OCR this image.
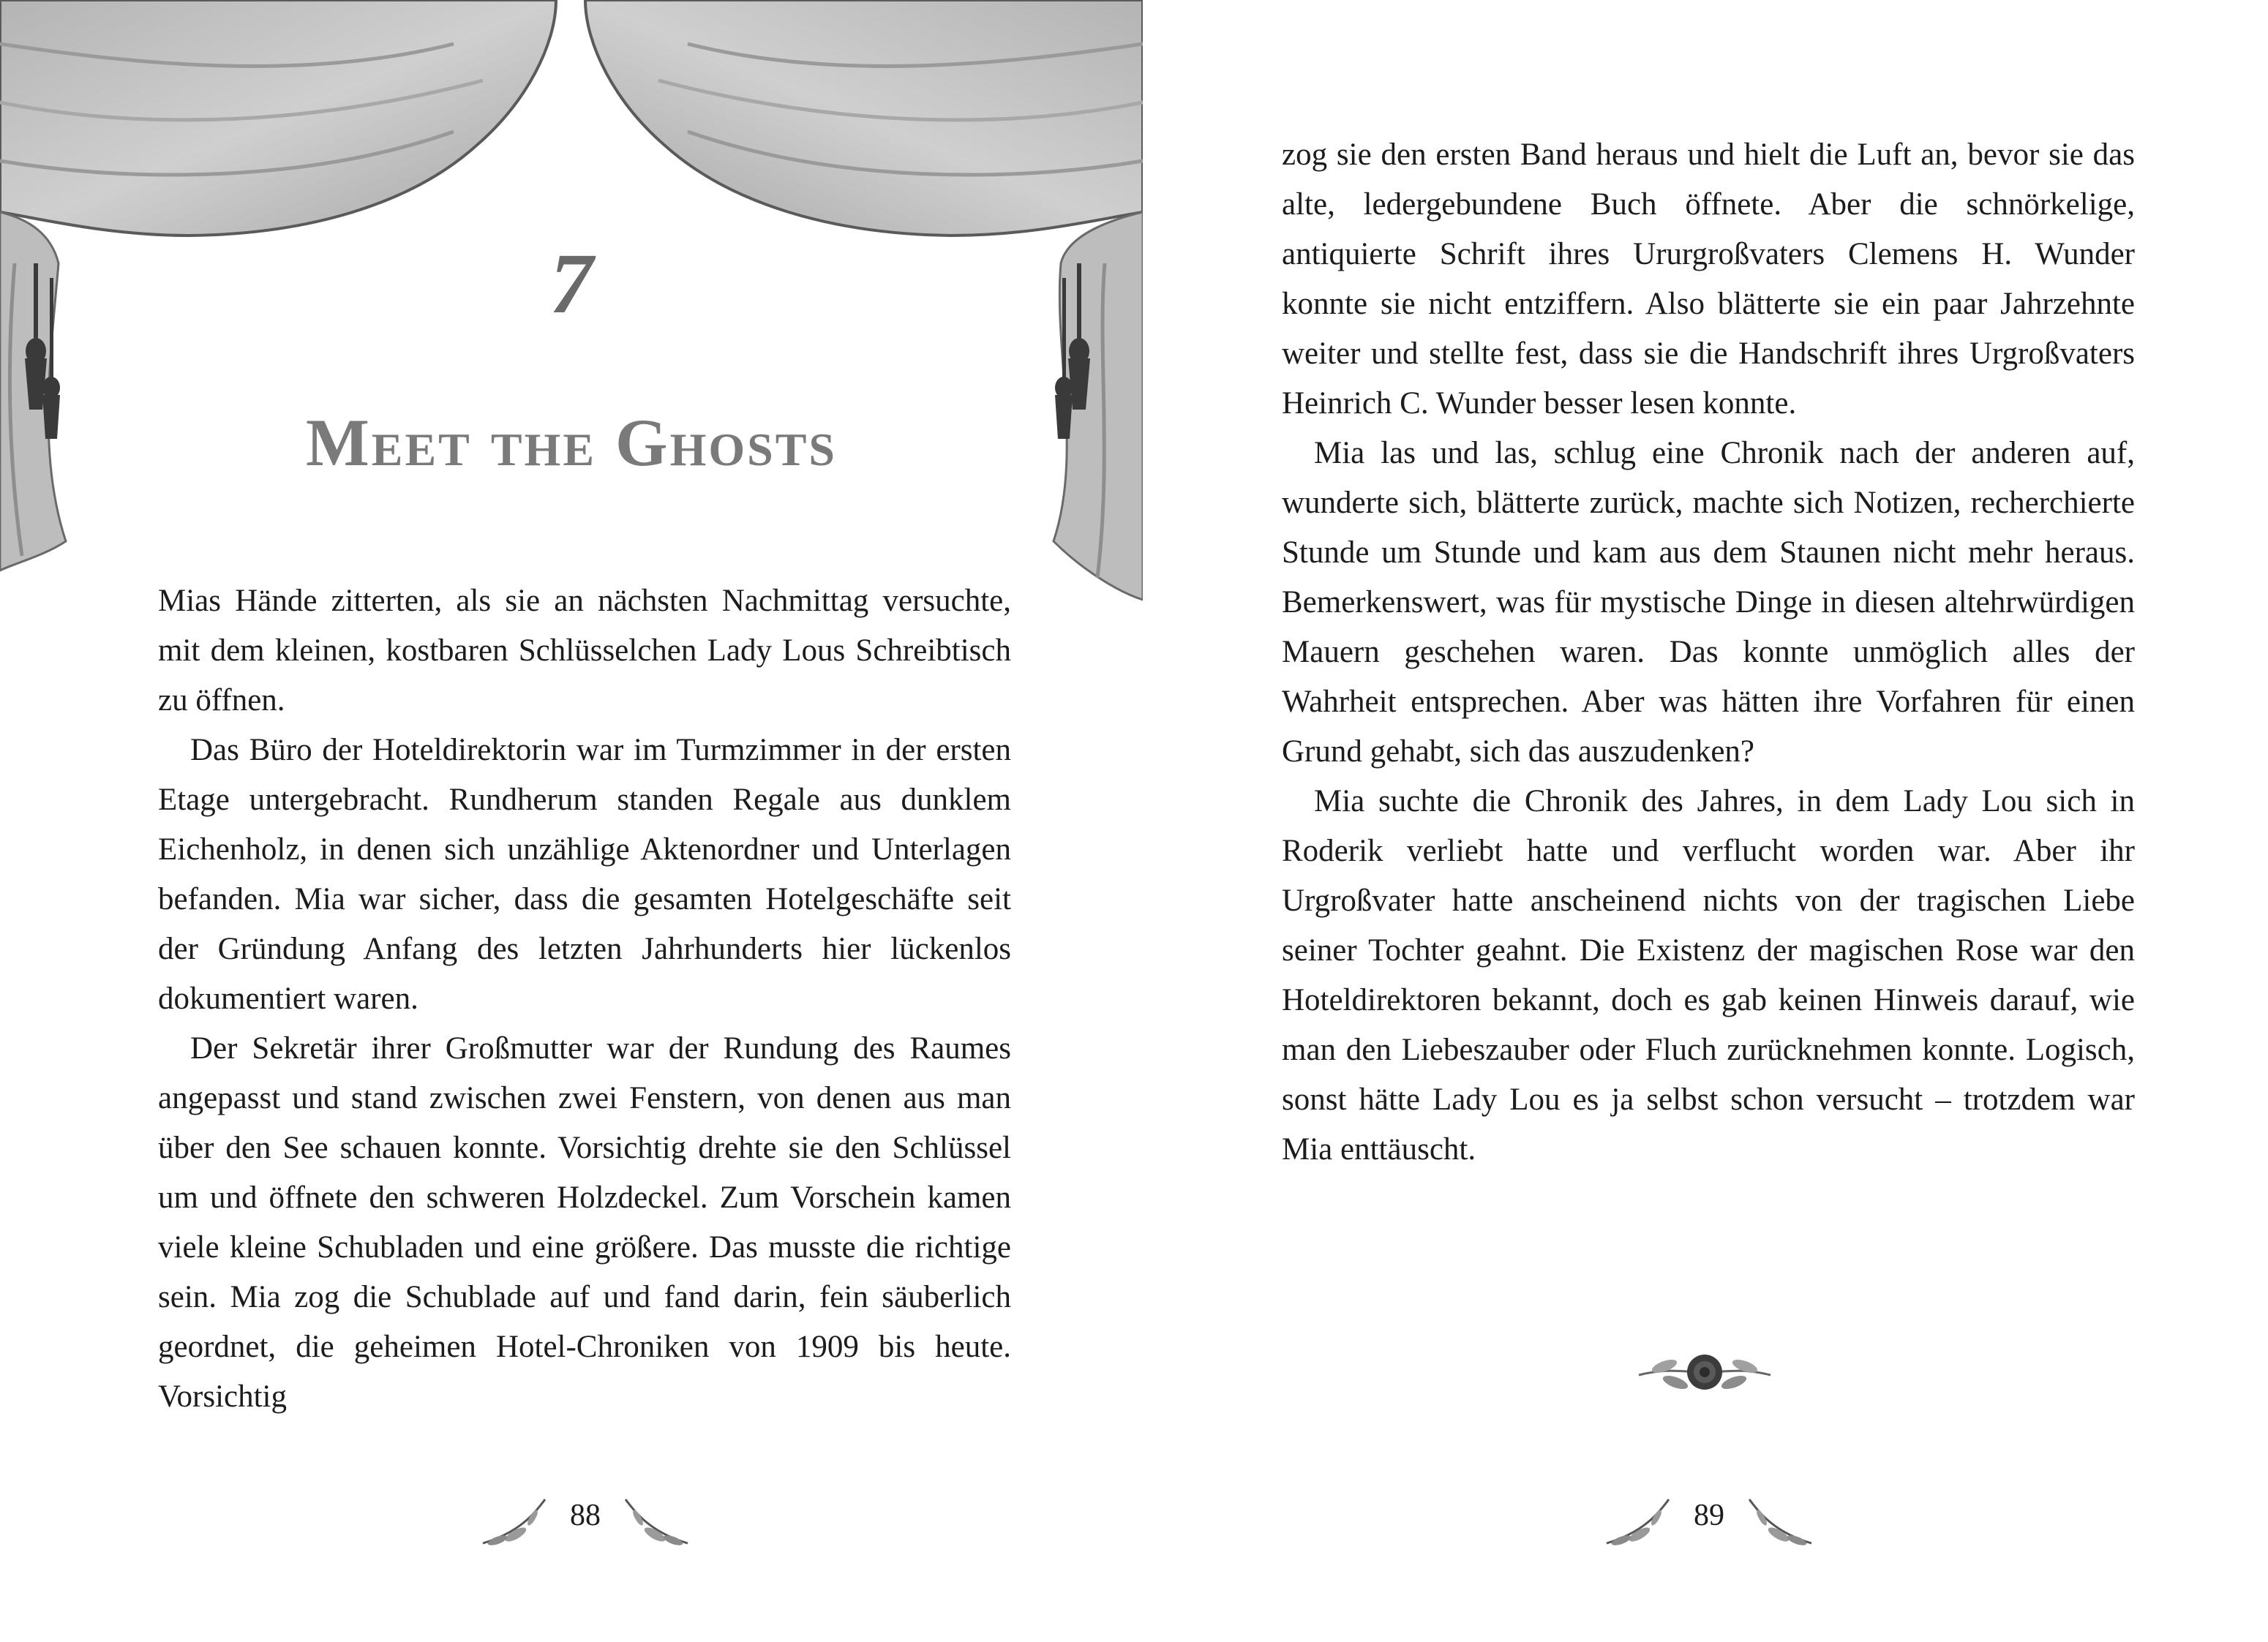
7
Meet the Ghosts

Mias Hände zitterten, als sie an nächsten Nachmittag versuchte, mit dem kleinen, kostbaren Schlüsselchen Lady Lous Schreibtisch zu öffnen.

Das Büro der Hoteldirektorin war im Turmzimmer in der ersten Etage untergebracht. Rundherum standen Regale aus dunklem Eichenholz, in denen sich unzählige Aktenordner und Unterlagen befanden. Mia war sicher, dass die gesamten Hotelgeschäfte seit der Gründung Anfang des letzten Jahrhunderts hier lückenlos dokumentiert waren.

Der Sekretär ihrer Großmutter war der Rundung des Raumes angepasst und stand zwischen zwei Fenstern, von denen aus man über den See schauen konnte. Vorsichtig drehte sie den Schlüssel um und öffnete den schweren Holzdeckel. Zum Vorschein kamen viele kleine Schubladen und eine größere. Das musste die richtige sein. Mia zog die Schublade auf und fand darin, fein säuberlich geordnet, die geheimen Hotel-Chroniken von 1909 bis heute. Vorsichtig

88

zog sie den ersten Band heraus und hielt die Luft an, bevor sie das alte, ledergebundene Buch öffnete. Aber die schnörkelige, antiquierte Schrift ihres Ururgroßvaters Clemens H. Wunder konnte sie nicht entziffern. Also blätterte sie ein paar Jahrzehnte weiter und stellte fest, dass sie die Handschrift ihres Urgroßvaters Heinrich C. Wunder besser lesen konnte.

Mia las und las, schlug eine Chronik nach der anderen auf, wunderte sich, blätterte zurück, machte sich Notizen, recherchierte Stunde um Stunde und kam aus dem Staunen nicht mehr heraus. Bemerkenswert, was für mystische Dinge in diesen altehrwürdigen Mauern geschehen waren. Das konnte unmöglich alles der Wahrheit entsprechen. Aber was hätten ihre Vorfahren für einen Grund gehabt, sich das auszudenken?

Mia suchte die Chronik des Jahres, in dem Lady Lou sich in Roderik verliebt hatte und verflucht worden war. Aber ihr Urgroßvater hatte anscheinend nichts von der tragischen Liebe seiner Tochter geahnt. Die Existenz der magischen Rose war den Hoteldirektoren bekannt, doch es gab keinen Hinweis darauf, wie man den Liebeszauber oder Fluch zurücknehmen konnte. Logisch, sonst hätte Lady Lou es ja selbst schon versucht – trotzdem war Mia enttäuscht.

89
